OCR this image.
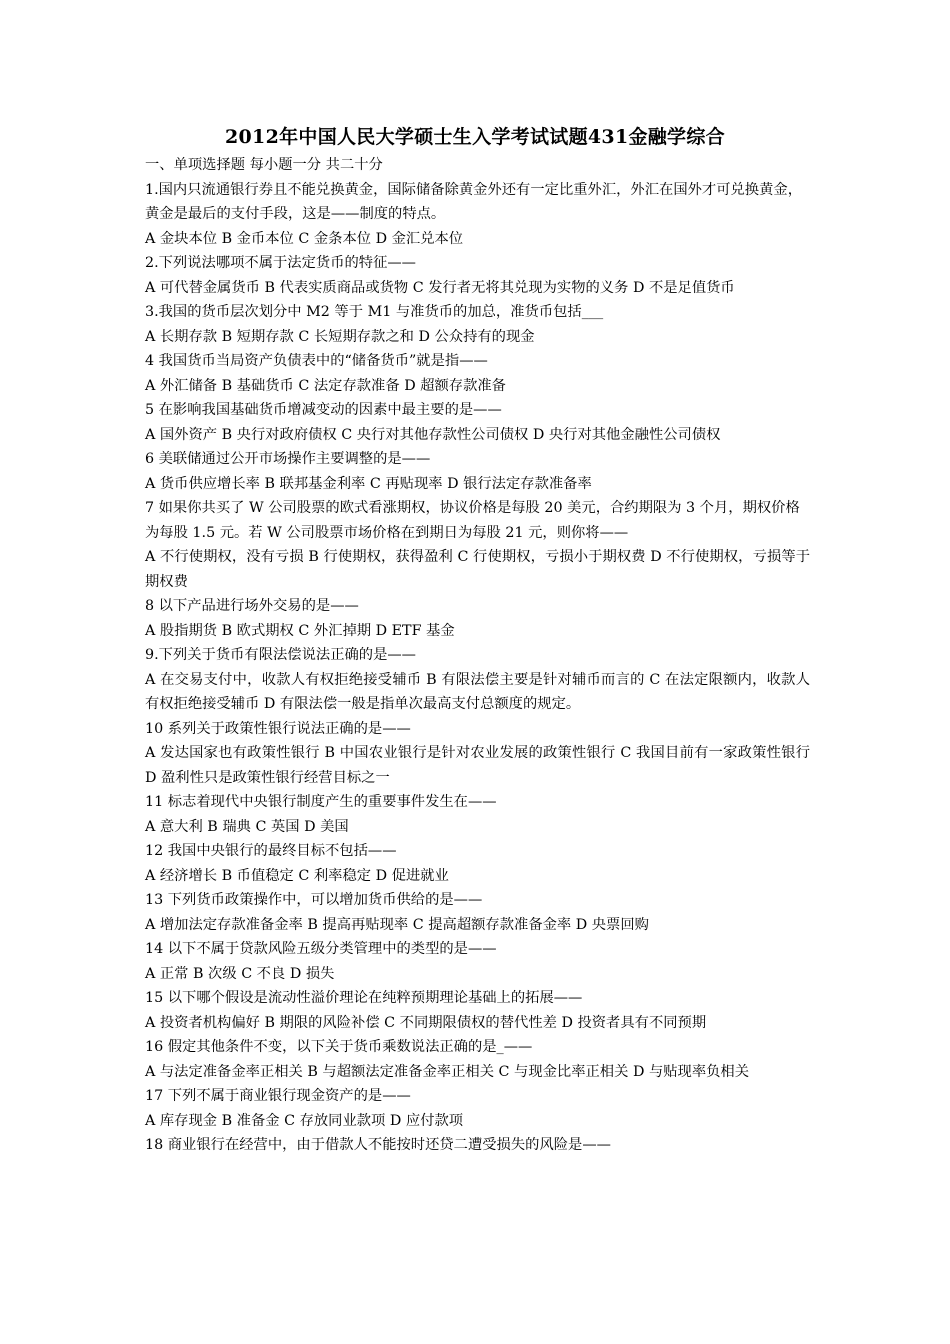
2012年中国人民大学硕士生入学考试试题431金融学综合

一、单项选择题 每小题一分 共二十分

1.国内只流通银行券且不能兑换黄金，国际储备除黄金外还有一定比重外汇，外汇在国外才可兑换黄金，黄金是最后的支付手段，这是——制度的特点。

A 金块本位 B 金币本位 C 金条本位 D 金汇兑本位

2.下列说法哪项不属于法定货币的特征——

A 可代替金属货币 B 代表实质商品或货物 C 发行者无将其兑现为实物的义务 D 不是足值货币

3.我国的货币层次划分中 M2 等于 M1 与准货币的加总，准货币包括___

A 长期存款 B 短期存款 C 长短期存款之和 D 公众持有的现金

4 我国货币当局资产负债表中的“储备货币”就是指——

A 外汇储备 B 基础货币 C 法定存款准备 D 超额存款准备

5 在影响我国基础货币增减变动的因素中最主要的是——

A 国外资产 B 央行对政府债权 C 央行对其他存款性公司债权 D 央行对其他金融性公司债权

6 美联储通过公开市场操作主要调整的是——

A 货币供应增长率 B 联邦基金利率 C 再贴现率 D 银行法定存款准备率

7 如果你共买了 W 公司股票的欧式看涨期权，协议价格是每股 20 美元，合约期限为 3 个月，期权价格为每股 1.5 元。若 W 公司股票市场价格在到期日为每股 21 元，则你将——

A 不行使期权，没有亏损 B 行使期权，获得盈利 C 行使期权，亏损小于期权费 D 不行使期权，亏损等于期权费

8 以下产品进行场外交易的是——

A 股指期货 B 欧式期权 C 外汇掉期 D ETF 基金

9.下列关于货币有限法偿说法正确的是——

A 在交易支付中，收款人有权拒绝接受辅币 B 有限法偿主要是针对辅币而言的 C 在法定限额内，收款人有权拒绝接受辅币 D 有限法偿一般是指单次最高支付总额度的规定。

10 系列关于政策性银行说法正确的是——

A 发达国家也有政策性银行 B 中国农业银行是针对农业发展的政策性银行 C 我国目前有一家政策性银行 D 盈利性只是政策性银行经营目标之一

11 标志着现代中央银行制度产生的重要事件发生在——

A 意大利 B 瑞典 C 英国 D 美国

12 我国中央银行的最终目标不包括——

A 经济增长 B 币值稳定 C 利率稳定 D 促进就业

13 下列货币政策操作中，可以增加货币供给的是——

A 增加法定存款准备金率 B 提高再贴现率 C 提高超额存款准备金率 D 央票回购

14 以下不属于贷款风险五级分类管理中的类型的是——

A 正常 B 次级 C 不良 D 损失

15 以下哪个假设是流动性溢价理论在纯粹预期理论基础上的拓展——

A 投资者机构偏好 B 期限的风险补偿 C 不同期限债权的替代性差 D 投资者具有不同预期

16 假定其他条件不变，以下关于货币乘数说法正确的是_——

A 与法定准备金率正相关 B 与超额法定准备金率正相关 C 与现金比率正相关 D 与贴现率负相关

17 下列不属于商业银行现金资产的是——

A 库存现金 B 准备金 C 存放同业款项 D 应付款项

18 商业银行在经营中，由于借款人不能按时还贷二遭受损失的风险是——
